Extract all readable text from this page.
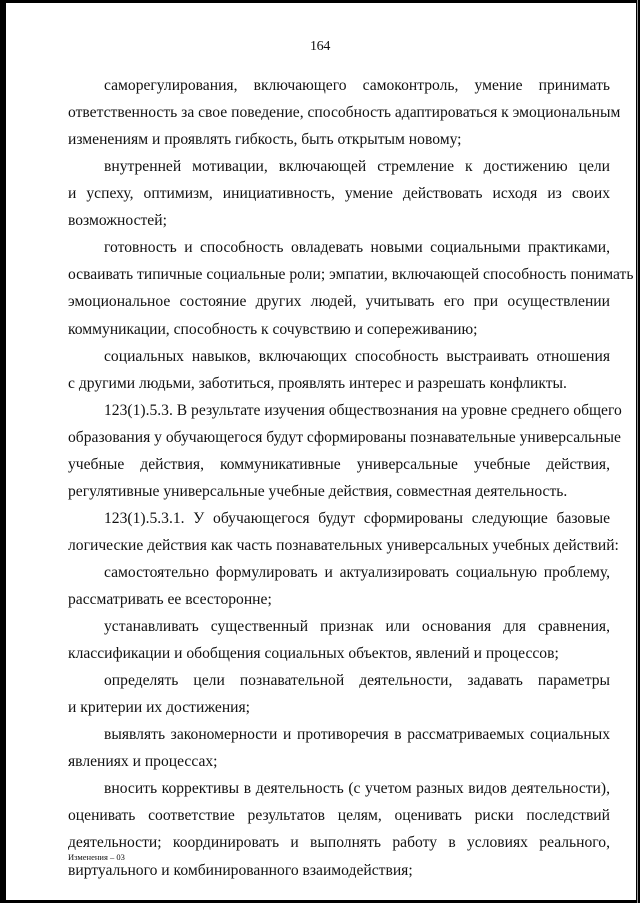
164
саморегулирования, включающего самоконтроль, умение принимать
ответственность за свое поведение, способность адаптироваться к эмоциональным
изменениям и проявлять гибкость, быть открытым новому;
внутренней мотивации, включающей стремление к достижению цели
и успеху, оптимизм, инициативность, умение действовать исходя из своих
возможностей;
готовность и способность овладевать новыми социальными практиками,
осваивать типичные социальные роли; эмпатии, включающей способность понимать
эмоциональное состояние других людей, учитывать его при осуществлении
коммуникации, способность к сочувствию и сопереживанию;
социальных навыков, включающих способность выстраивать отношения
с другими людьми, заботиться, проявлять интерес и разрешать конфликты.
123(1).5.3. В результате изучения обществознания на уровне среднего общего
образования у обучающегося будут сформированы познавательные универсальные
учебные действия, коммуникативные универсальные учебные действия,
регулятивные универсальные учебные действия, совместная деятельность.
123(1).5.3.1. У обучающегося будут сформированы следующие базовые
логические действия как часть познавательных универсальных учебных действий:
самостоятельно формулировать и актуализировать социальную проблему,
рассматривать ее всесторонне;
устанавливать существенный признак или основания для сравнения,
классификации и обобщения социальных объектов, явлений и процессов;
определять цели познавательной деятельности, задавать параметры
и критерии их достижения;
выявлять закономерности и противоречия в рассматриваемых социальных
явлениях и процессах;
вносить коррективы в деятельность (с учетом разных видов деятельности),
оценивать соответствие результатов целям, оценивать риски последствий
деятельности; координировать и выполнять работу в условиях реального,
виртуального и комбинированного взаимодействия;
Изменения – 03
